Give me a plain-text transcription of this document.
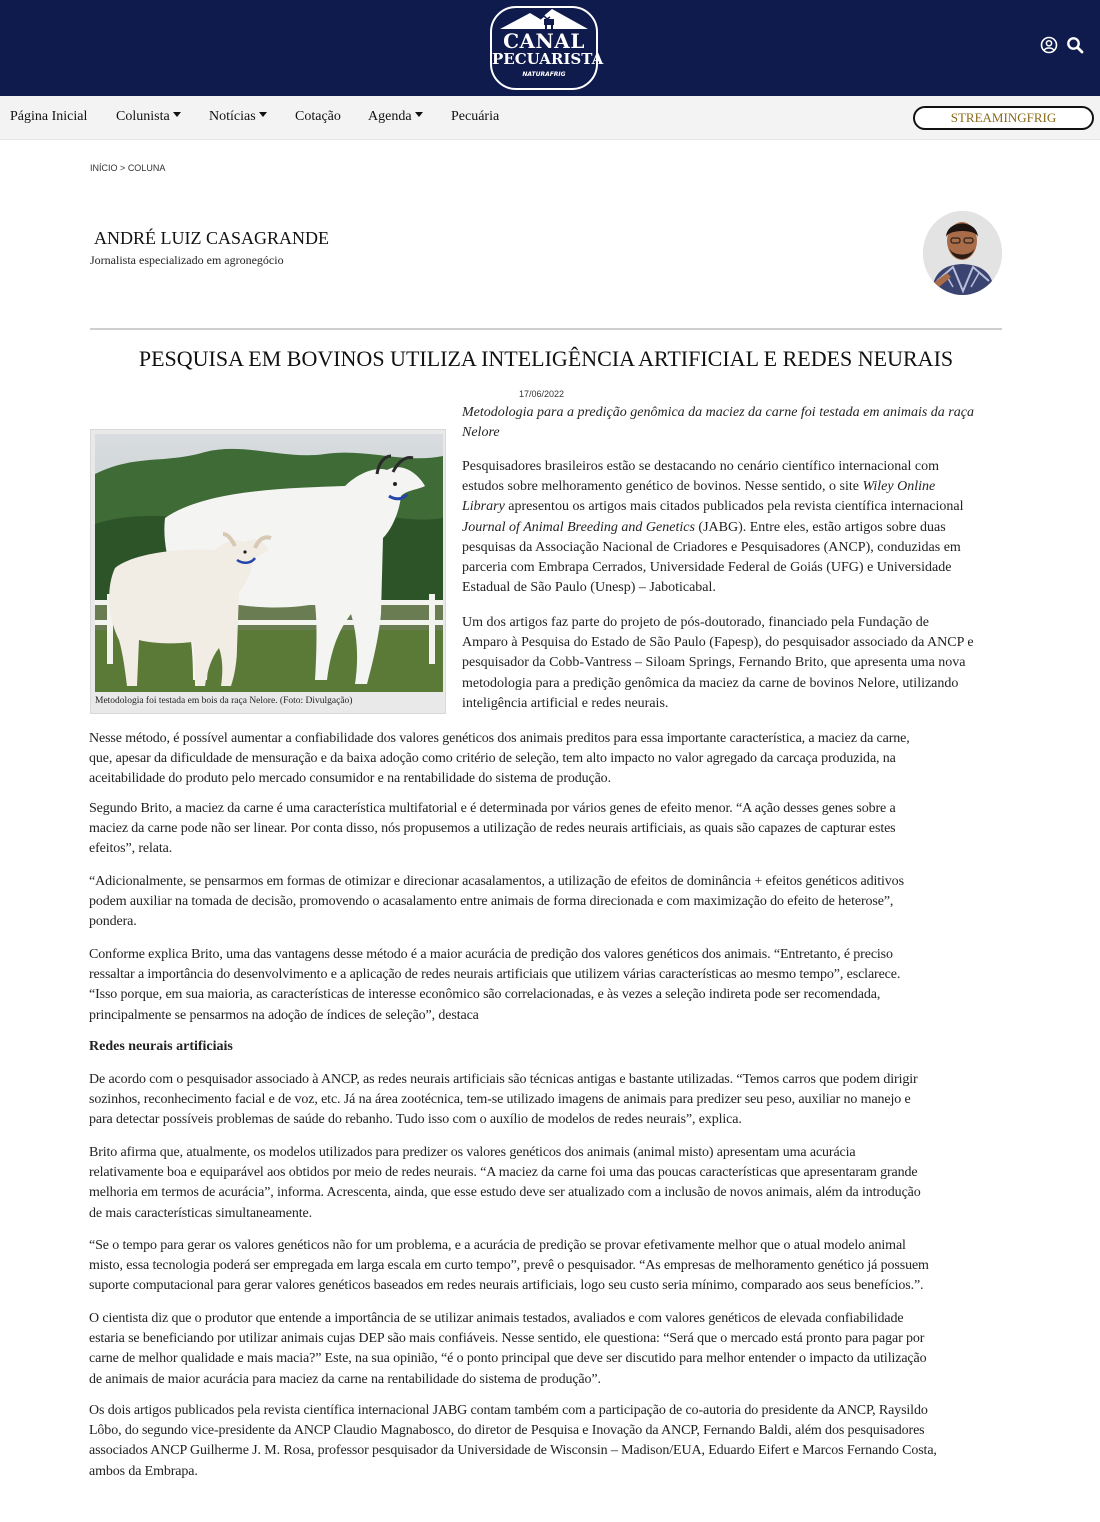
CANAL
PECUARISTA
NATURAFRIG
Página Inicial Colunista	Notícias	Cotação Agenda	Pecuária	STREAMINGFRIG
INÍCIO > COLUNA
ANDRÉ LUIZ CASAGRANDE
Jornalista especializado em agronegócio
PESQUISA EM BOVINOS UTILIZA INTELIGÊNCIA ARTIFICIAL E REDES NEURAIS
17/06/2022
Metodologia foi testada em bois da raça Nelore. (Foto: Divulgação)
Metodologia para a predição genômica da maciez da carne foi testada em animais da raça
Nelore
Pesquisadores brasileiros estão se destacando no cenário científico internacional com
estudos sobre melhoramento genético de bovinos. Nesse sentido, o site Wiley Online
Library apresentou os artigos mais citados publicados pela revista científica internacional
Journal of Animal Breeding and Genetics (JABG). Entre eles, estão artigos sobre duas
pesquisas da Associação Nacional de Criadores e Pesquisadores (ANCP), conduzidas em
parceria com Embrapa Cerrados, Universidade Federal de Goiás (UFG) e Universidade
Estadual de São Paulo (Unesp) – Jaboticabal.
Um dos artigos faz parte do projeto de pós-doutorado, financiado pela Fundação de
Amparo à Pesquisa do Estado de São Paulo (Fapesp), do pesquisador associado da ANCP e
pesquisador da Cobb-Vantress – Siloam Springs, Fernando Brito, que apresenta uma nova
metodologia para a predição genômica da maciez da carne de bovinos Nelore, utilizando
inteligência artificial e redes neurais.
Nesse método, é possível aumentar a confiabilidade dos valores genéticos dos animais preditos para essa importante característica, a maciez da carne,
que, apesar da dificuldade de mensuração e da baixa adoção como critério de seleção, tem alto impacto no valor agregado da carcaça produzida, na
aceitabilidade do produto pelo mercado consumidor e na rentabilidade do sistema de produção.
Segundo Brito, a maciez da carne é uma característica multifatorial e é determinada por vários genes de efeito menor. “A ação desses genes sobre a
maciez da carne pode não ser linear. Por conta disso, nós propusemos a utilização de redes neurais artificiais, as quais são capazes de capturar estes
efeitos”, relata.
“Adicionalmente, se pensarmos em formas de otimizar e direcionar acasalamentos, a utilização de efeitos de dominância + efeitos genéticos aditivos
podem auxiliar na tomada de decisão, promovendo o acasalamento entre animais de forma direcionada e com maximização do efeito de heterose”,
pondera.
Conforme explica Brito, uma das vantagens desse método é a maior acurácia de predição dos valores genéticos dos animais. “Entretanto, é preciso
ressaltar a importância do desenvolvimento e a aplicação de redes neurais artificiais que utilizem várias características ao mesmo tempo”, esclarece.
“Isso porque, em sua maioria, as características de interesse econômico são correlacionadas, e às vezes a seleção indireta pode ser recomendada,
principalmente se pensarmos na adoção de índices de seleção”, destaca
Redes neurais artificiais
De acordo com o pesquisador associado à ANCP, as redes neurais artificiais são técnicas antigas e bastante utilizadas. “Temos carros que podem dirigir
sozinhos, reconhecimento facial e de voz, etc. Já na área zootécnica, tem-se utilizado imagens de animais para predizer seu peso, auxiliar no manejo e
para detectar possíveis problemas de saúde do rebanho. Tudo isso com o auxílio de modelos de redes neurais”, explica.
Brito afirma que, atualmente, os modelos utilizados para predizer os valores genéticos dos animais (animal misto) apresentam uma acurácia
relativamente boa e equiparável aos obtidos por meio de redes neurais. “A maciez da carne foi uma das poucas características que apresentaram grande
melhoria em termos de acurácia”, informa. Acrescenta, ainda, que esse estudo deve ser atualizado com a inclusão de novos animais, além da introdução
de mais características simultaneamente.
“Se o tempo para gerar os valores genéticos não for um problema, e a acurácia de predição se provar efetivamente melhor que o atual modelo animal
misto, essa tecnologia poderá ser empregada em larga escala em curto tempo”, prevê o pesquisador. “As empresas de melhoramento genético já possuem
suporte computacional para gerar valores genéticos baseados em redes neurais artificiais, logo seu custo seria mínimo, comparado aos seus benefícios.”.
O cientista diz que o produtor que entende a importância de se utilizar animais testados, avaliados e com valores genéticos de elevada confiabilidade
estaria se beneficiando por utilizar animais cujas DEP são mais confiáveis. Nesse sentido, ele questiona: “Será que o mercado está pronto para pagar por
carne de melhor qualidade e mais macia?” Este, na sua opinião, “é o ponto principal que deve ser discutido para melhor entender o impacto da utilização
de animais de maior acurácia para maciez da carne na rentabilidade do sistema de produção”.
Os dois artigos publicados pela revista científica internacional JABG contam também com a participação de co-autoria do presidente da ANCP, Raysildo
Lôbo, do segundo vice-presidente da ANCP Claudio Magnabosco, do diretor de Pesquisa e Inovação da ANCP, Fernando Baldi, além dos pesquisadores
associados ANCP Guilherme J. M. Rosa, professor pesquisador da Universidade de Wisconsin – Madison/EUA, Eduardo Eifert e Marcos Fernando Costa,
ambos da Embrapa.
